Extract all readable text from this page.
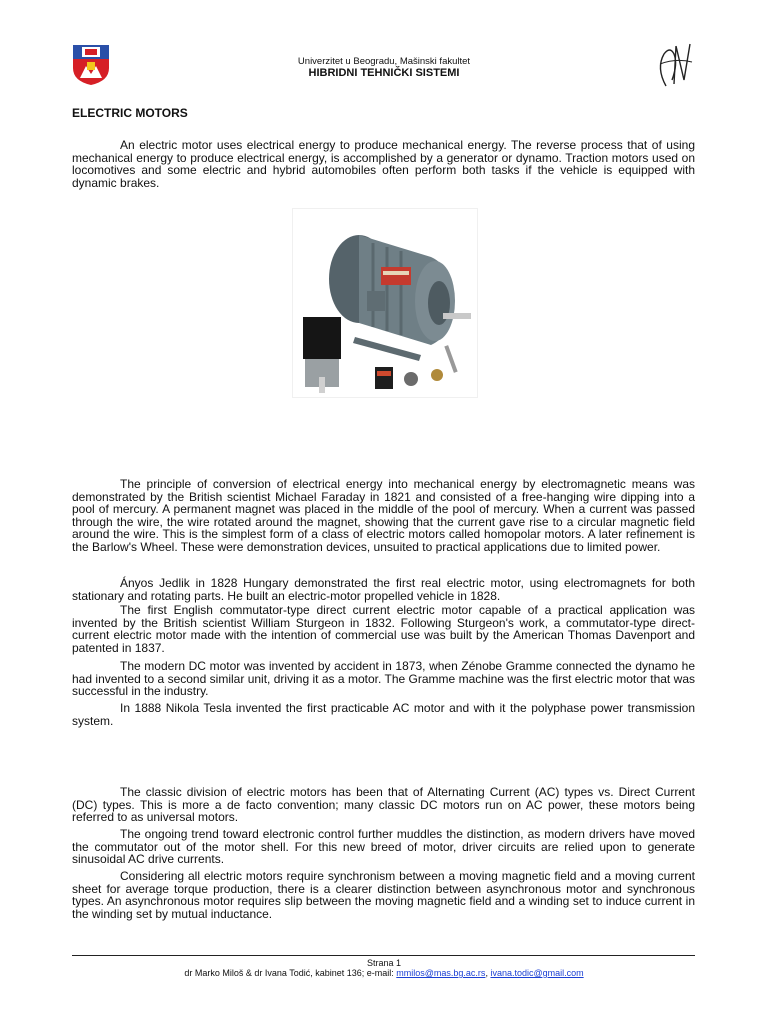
Univerzitet u Beogradu, Mašinski fakultet
HIBRIDNI TEHNIČKI SISTEMI
ELECTRIC MOTORS

An electric motor uses electrical energy to produce mechanical energy. The reverse process that of using mechanical energy to produce electrical energy, is accomplished by a generator or dynamo. Traction motors used on locomotives and some electric and hybrid automobiles often perform both tasks if the vehicle is equipped with dynamic brakes.

The principle of conversion of electrical energy into mechanical energy by electromagnetic means was demonstrated by the British scientist Michael Faraday in 1821 and consisted of a free-hanging wire dipping into a pool of mercury. A permanent magnet was placed in the middle of the pool of mercury. When a current was passed through the wire, the wire rotated around the magnet, showing that the current gave rise to a circular magnetic field around the wire. This is the simplest form of a class of electric motors called homopolar motors. A later refinement is the Barlow's Wheel. These were demonstration devices, unsuited to practical applications due to limited power.

Ányos Jedlik in 1828 Hungary demonstrated the first real electric motor, using electromagnets for both stationary and rotating parts. He built an electric-motor propelled vehicle in 1828.

The first English commutator-type direct current electric motor capable of a practical application was invented by the British scientist William Sturgeon in 1832. Following Sturgeon's work, a commutator-type direct-current electric motor made with the intention of commercial use was built by the American Thomas Davenport and patented in 1837.

The modern DC motor was invented by accident in 1873, when Zénobe Gramme connected the dynamo he had invented to a second similar unit, driving it as a motor. The Gramme machine was the first electric motor that was successful in the industry.

In 1888 Nikola Tesla invented the first practicable AC motor and with it the polyphase power transmission system.

The classic division of electric motors has been that of Alternating Current (AC) types vs. Direct Current (DC) types. This is more a de facto convention; many classic DC motors run on AC power, these motors being referred to as universal motors.

The ongoing trend toward electronic control further muddles the distinction, as modern drivers have moved the commutator out of the motor shell. For this new breed of motor, driver circuits are relied upon to generate sinusoidal AC drive currents.

Considering all electric motors require synchronism between a moving magnetic field and a moving current sheet for average torque production, there is a clearer distinction between asynchronous motor and synchronous types. An asynchronous motor requires slip between the moving magnetic field and a winding set to induce current in the winding set by mutual inductance.

Strana 1
dr Marko Miloš & dr Ivana Todić, kabinet 136; e-mail: mmilos@mas.bg.ac.rs, ivana.todic@gmail.com
